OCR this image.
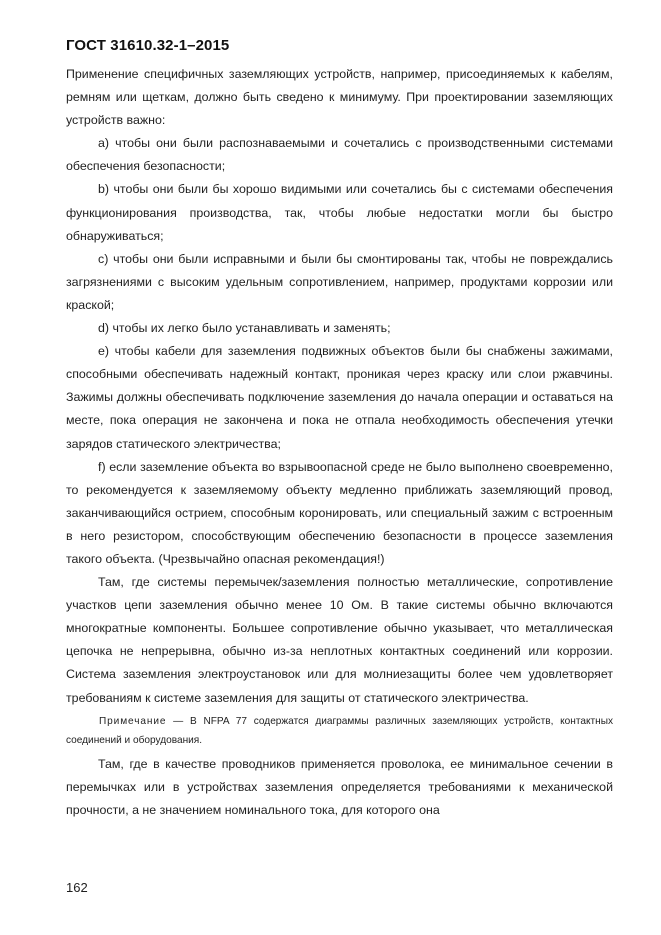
ГОСТ 31610.32-1–2015

Применение специфичных заземляющих устройств, например, присоединяемых к кабелям, ремням или щеткам, должно быть сведено к минимуму. При проектировании заземляющих устройств важно:

a) чтобы они были распознаваемыми и сочетались с производственными системами обеспечения безопасности;

b) чтобы они были бы хорошо видимыми или сочетались бы с системами обеспечения функционирования производства, так, чтобы любые недостатки могли бы быстро обнаруживаться;

c) чтобы они были исправными и были бы смонтированы так, чтобы не повреждались загрязнениями с высоким удельным сопротивлением, например, продуктами коррозии или краской;

d) чтобы их легко было устанавливать и заменять;

e) чтобы кабели для заземления подвижных объектов были бы снабжены зажимами, способными обеспечивать надежный контакт, проникая через краску или слои ржавчины. Зажимы должны обеспечивать подключение заземления до начала операции и оставаться на месте, пока операция не закончена и пока не отпала необходимость обеспечения утечки зарядов статического электричества;

f) если заземление объекта во взрывоопасной среде не было выполнено своевременно, то рекомендуется к заземляемому объекту медленно приближать заземляющий провод, заканчивающийся острием, способным коронировать, или специальный зажим с встроенным в него резистором, способствующим обеспечению безопасности в процессе заземления такого объекта. (Чрезвычайно опасная рекомендация!)

Там, где системы перемычек/заземления полностью металлические, сопротивление участков цепи заземления обычно менее 10 Ом. В такие системы обычно включаются многократные компоненты. Большее сопротивление обычно указывает, что металлическая цепочка не непрерывна, обычно из-за неплотных контактных соединений или коррозии. Система заземления электроустановок или для молниезащиты более чем удовлетворяет требованиям к системе заземления для защиты от статического электричества.

Примечание — В NFPA 77 содержатся диаграммы различных заземляющих устройств, контактных соединений и оборудования.

Там, где в качестве проводников применяется проволока, ее минимальное сечении в перемычках или в устройствах заземления определяется требованиями к механической прочности, а не значением номинального тока, для которого она

162
